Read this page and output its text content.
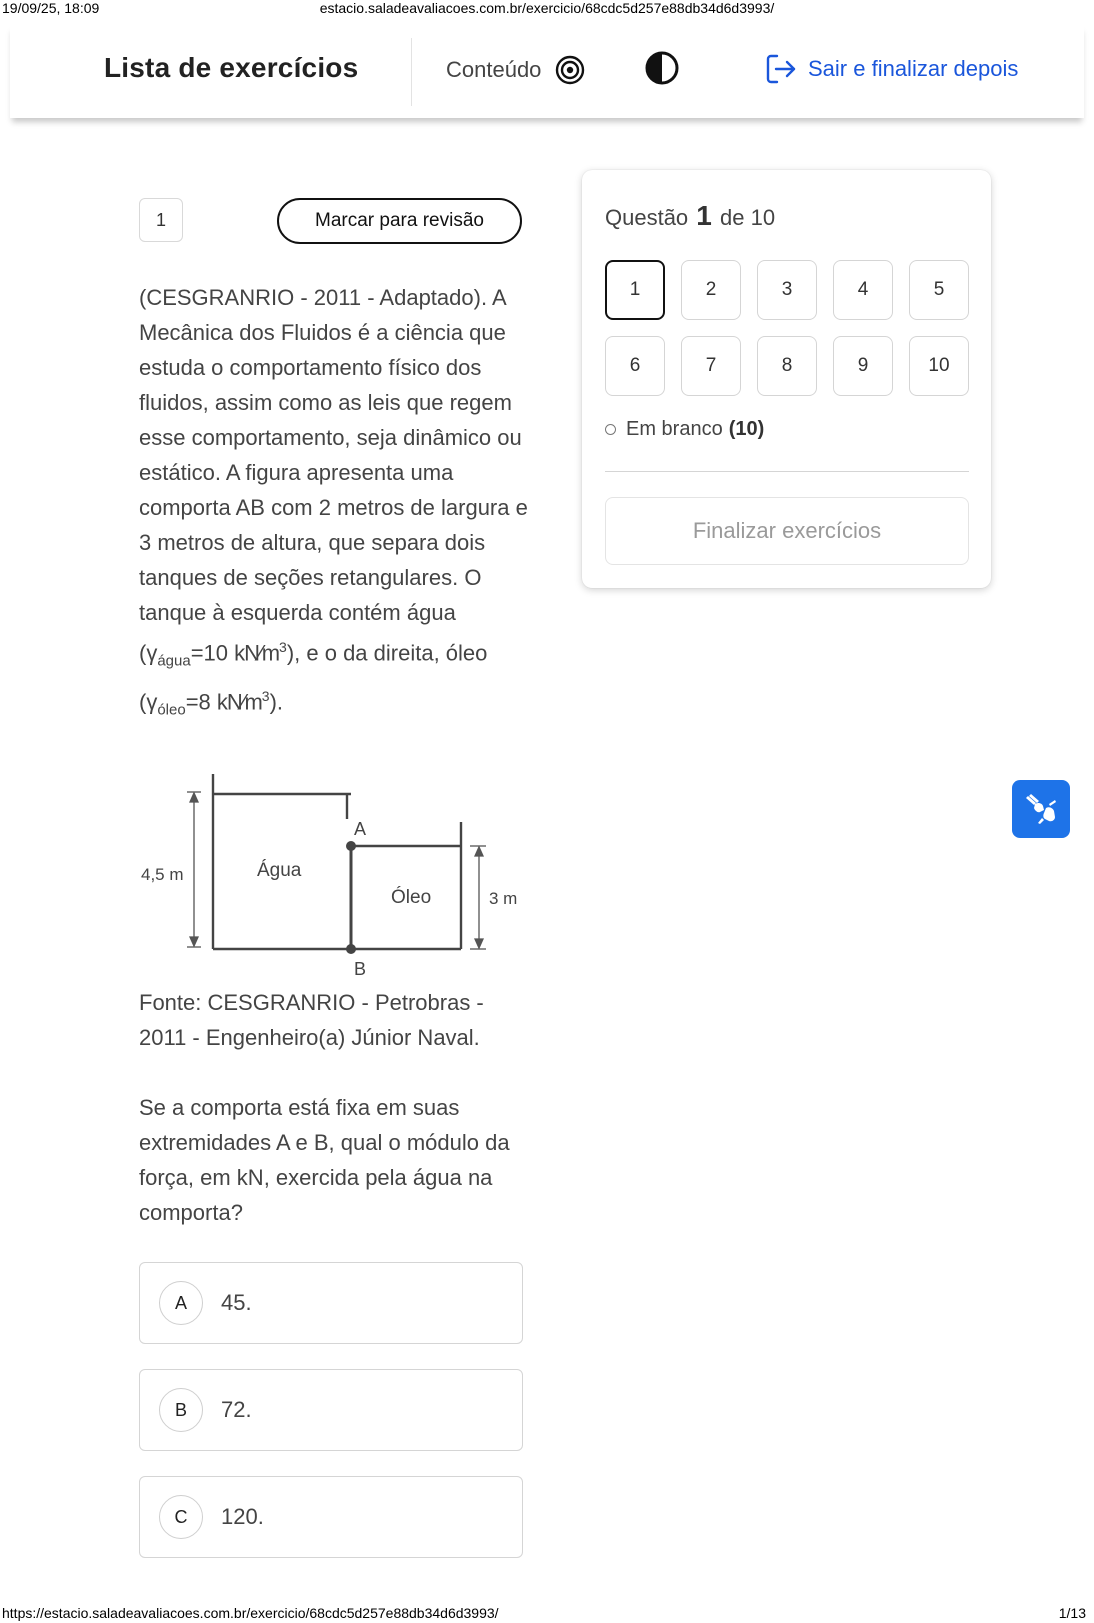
19/09/25, 18:09	estacio.saladeavaliacoes.com.br/exercicio/68cdc5d257e88db34d6d3993/
Lista de exercícios	Conteúdo	Sair e finalizar depois
1	Marcar para revisão
(CESGRANRIO - 2011 - Adaptado). A Mecânica dos Fluidos é a ciência que estuda o comportamento físico dos fluidos, assim como as leis que regem esse comportamento, seja dinâmico ou estático. A figura apresenta uma comporta AB com 2 metros de largura e 3 metros de altura, que separa dois tanques de seções retangulares. O tanque à esquerda contém água ($\gamma_{água}=10$ $kN⁄m^3$), e o da direita, óleo ($\gamma_{óleo}=8$ $kN⁄m^3$).
4,5 m	Água
A
B
Óleo	3 m
Fonte: CESGRANRIO - Petrobras - 2011 - Engenheiro(a) Júnior Naval.
Se a comporta está fixa em suas extremidades A e B, qual o módulo da força, em kN, exercida pela água na comporta?
A	45.
B	72.
C	120.
Questão 1 de 10
1	2	3	4	5
6	7	8	9	10
Em branco (10)
Finalizar exercícios
https://estacio.saladeavaliacoes.com.br/exercicio/68cdc5d257e88db34d6d3993/	1/13
